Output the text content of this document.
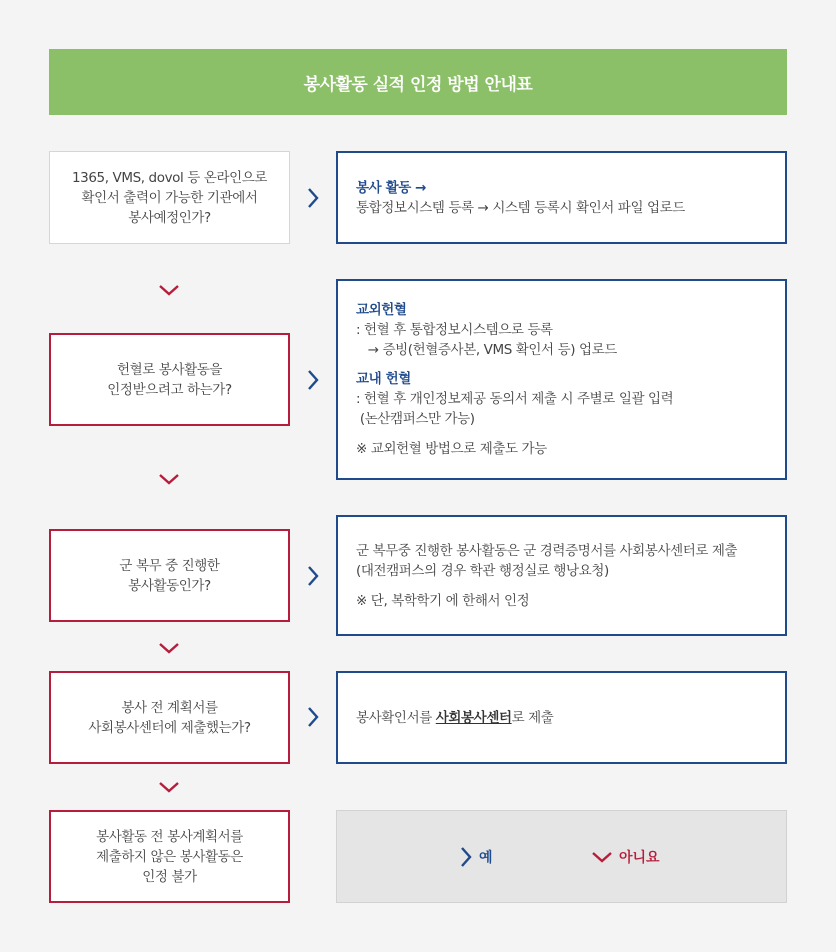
봉사활동 실적 인정 방법 안내표
1365, VMS, dovol 등 온라인으로
확인서 출력이 가능한 기관에서
봉사예정인가?

봉사 활동 →

통합정보시스템 등록 → 시스템 등록시 확인서 파일 업로드

헌혈로 봉사활동을
인정받으려고 하는가?

교외헌혈

: 헌혈 후 통합정보시스템으로 등록

→ 증빙(헌혈증사본, VMS 확인서 등) 업로드

교내 헌혈

: 헌혈 후 개인정보제공 동의서 제출 시 주별로 일괄 입력

(논산캠퍼스만 가능)

※ 교외헌혈 방법으로 제출도 가능

군 복무 중 진행한
봉사활동인가?

군 복무중 진행한 봉사활동은 군 경력증명서를 사회봉사센터로 제출

(대전캠퍼스의 경우 학관 행정실로 행낭요청)

※ 단, 복학학기 에 한해서 인정

봉사 전 계획서를
사회봉사센터에 제출했는가?

봉사확인서를 사회봉사센터로 제출

봉사활동 전 봉사계획서를
제출하지 않은 봉사활동은
인정 불가
예	아니요
